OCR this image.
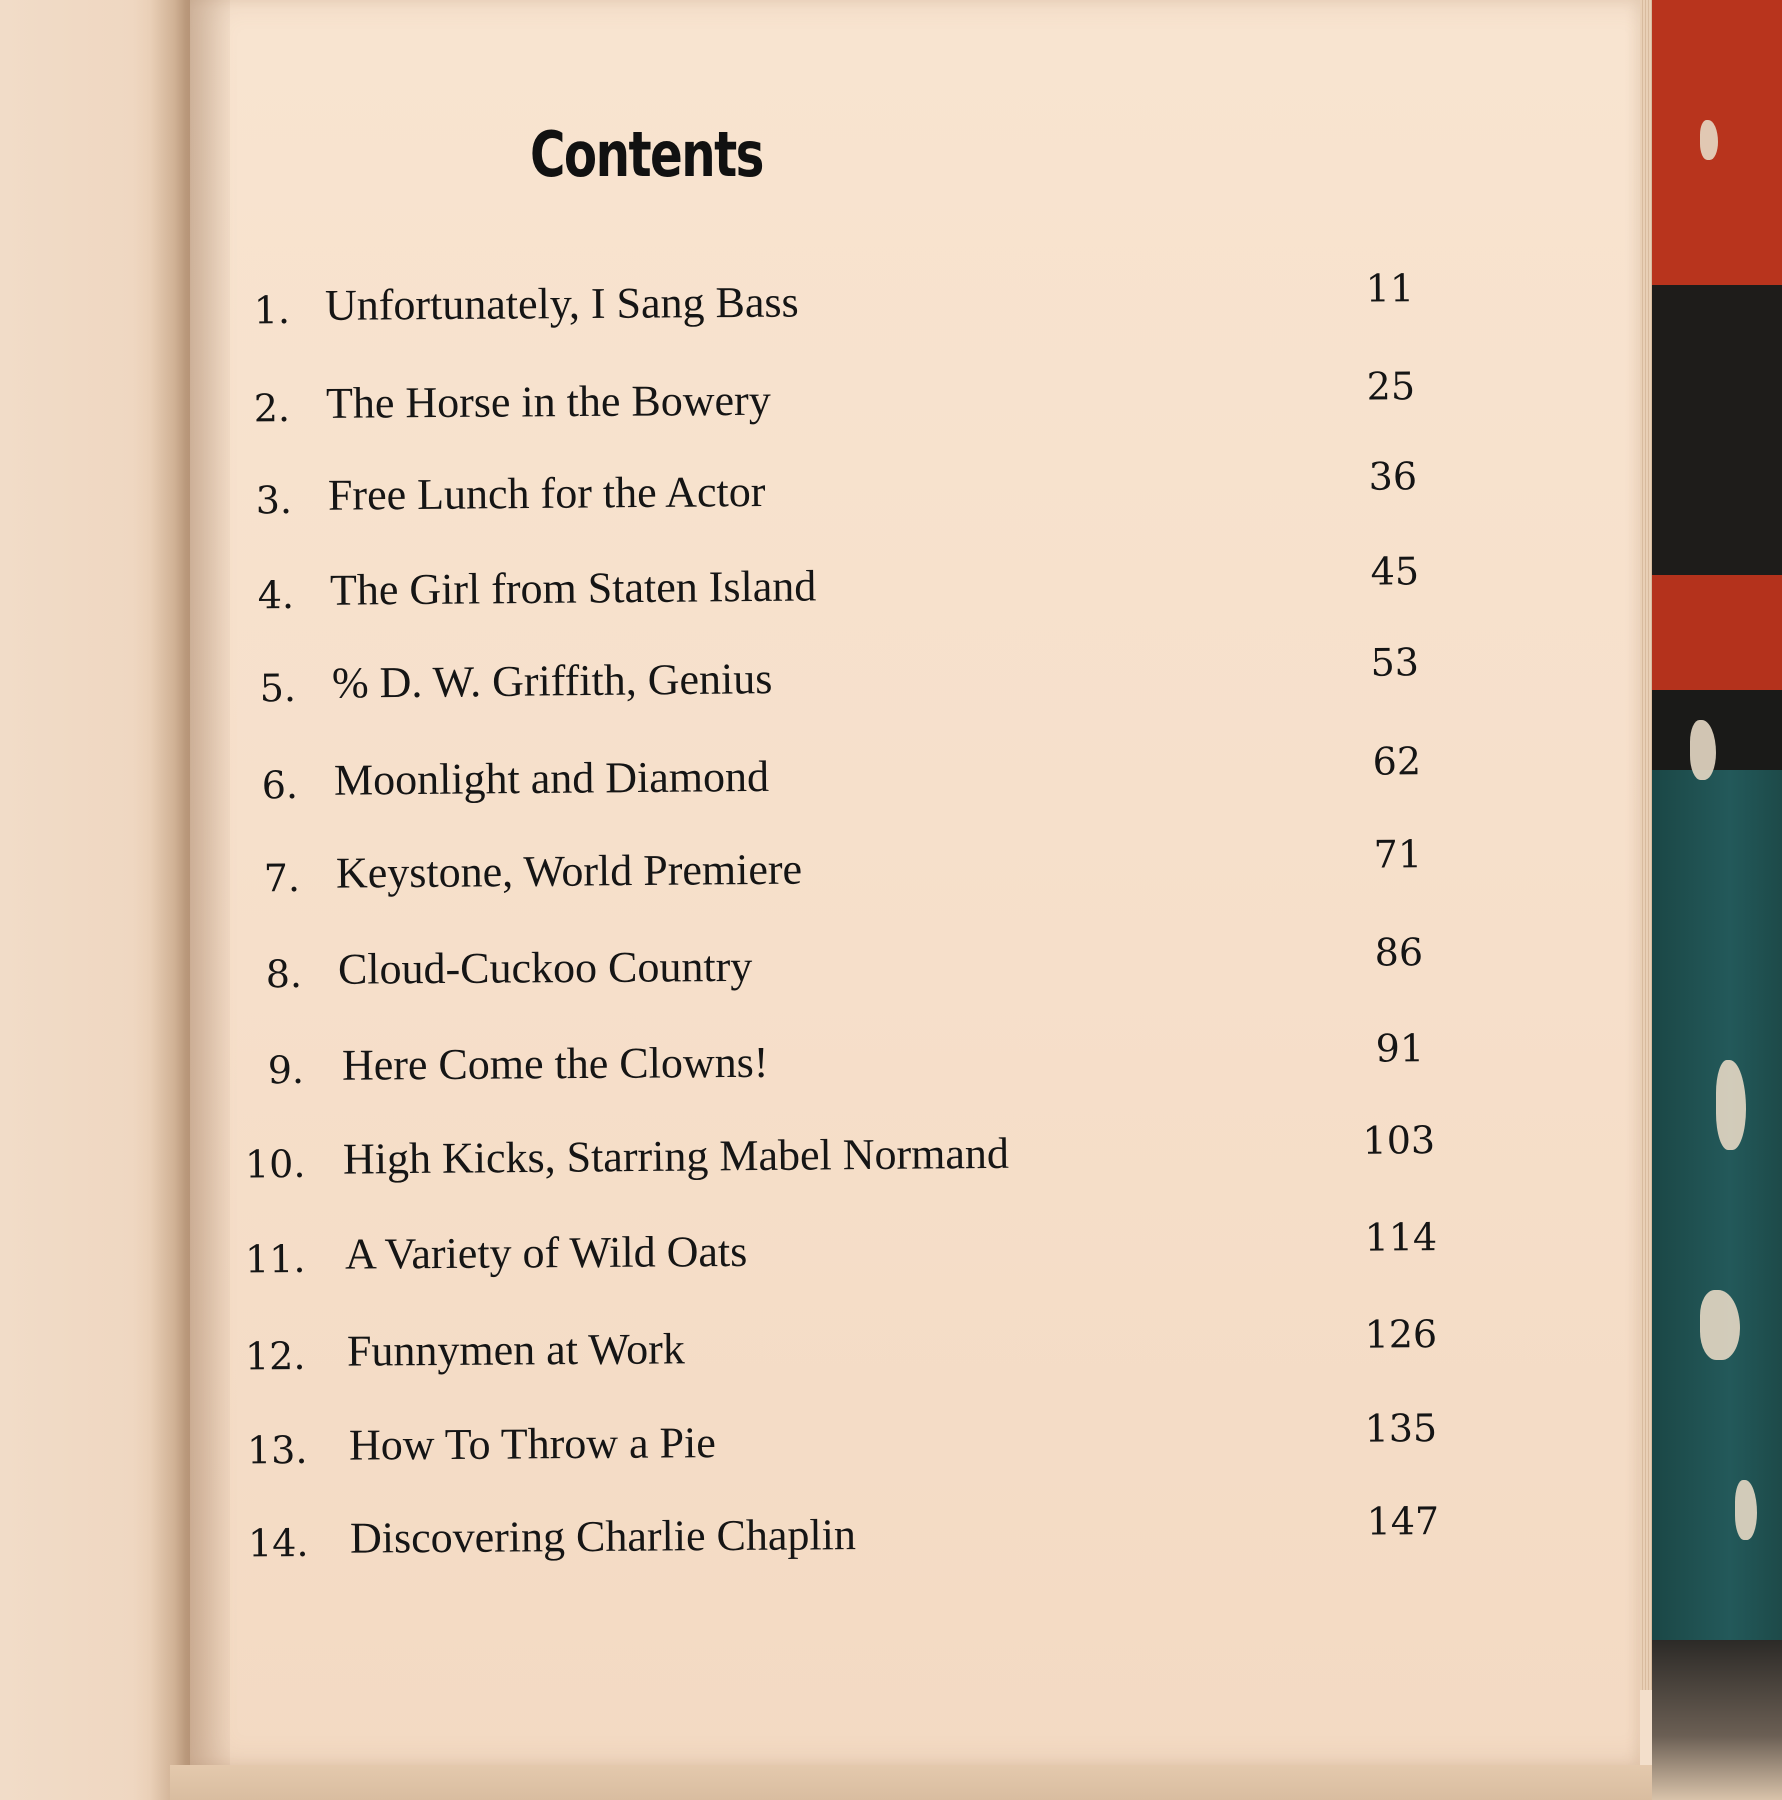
Contents
1. Unfortunately, I Sang Bass	11
2. The Horse in the Bowery	25
3. Free Lunch for the Actor	36
4. The Girl from Staten Island	45
5. % D. W. Griffith, Genius	53
6. Moonlight and Diamond	62
7. Keystone, World Premiere	71
8. Cloud-Cuckoo Country	86
9. Here Come the Clowns!	91
10. High Kicks, Starring Mabel Normand	103
11. A Variety of Wild Oats	114
12. Funnymen at Work	126
13. How To Throw a Pie	135
14. Discovering Charlie Chaplin	147
